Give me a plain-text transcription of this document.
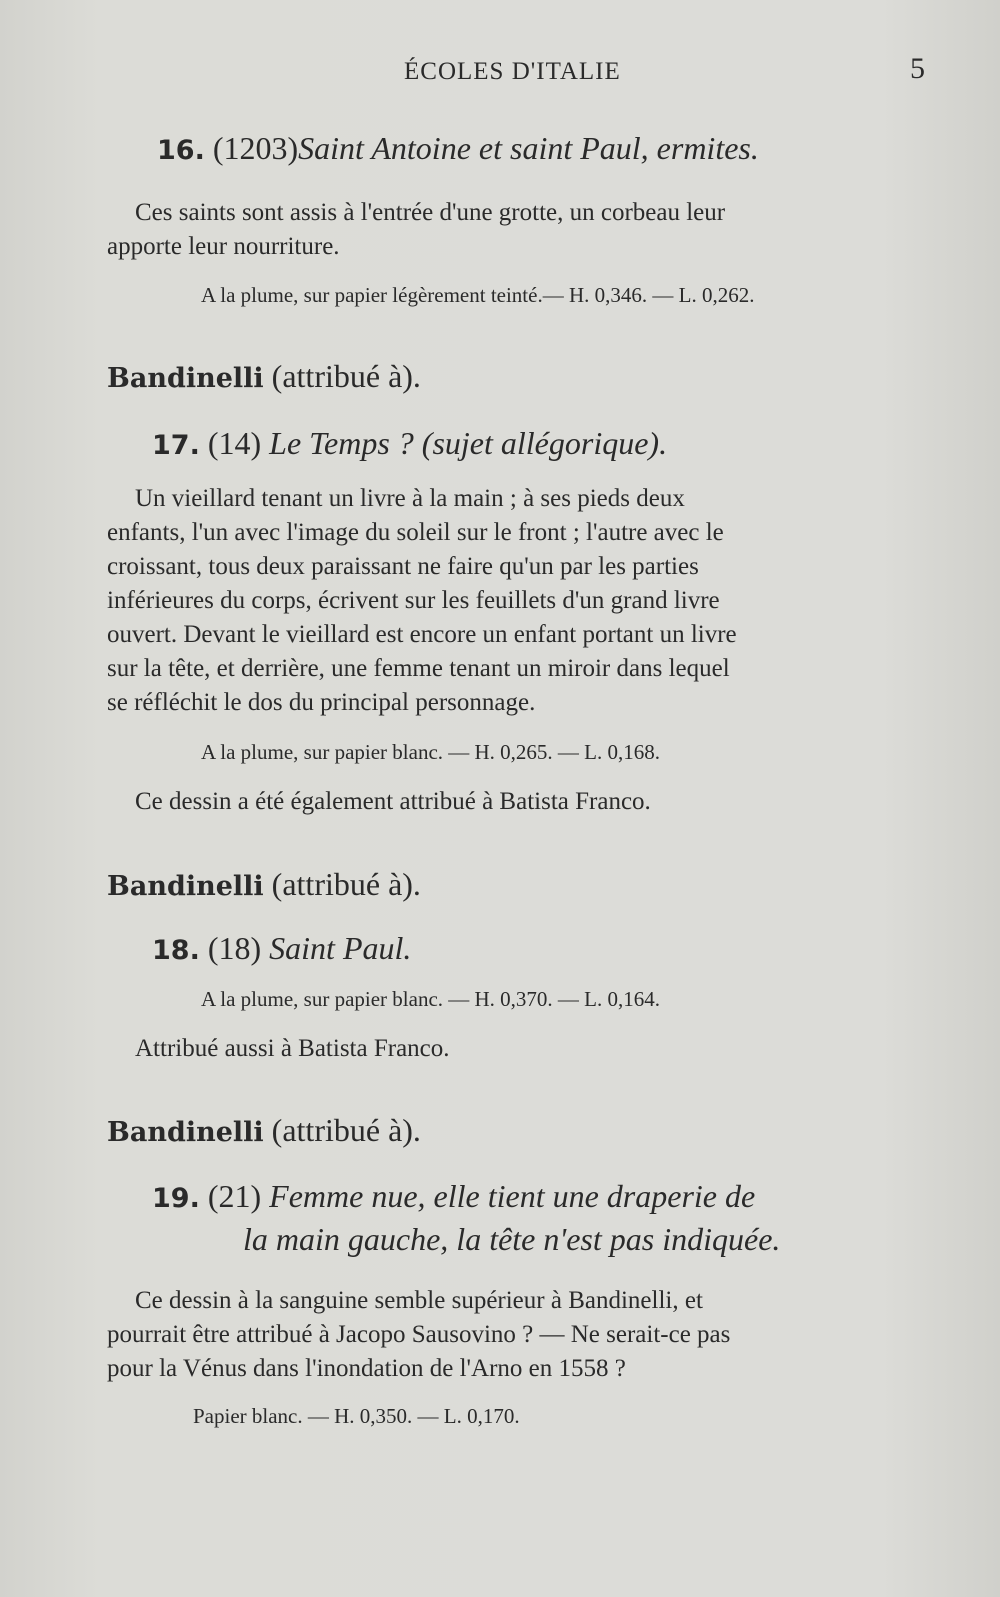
ÉCOLES D'ITALIE	5
16. (1203)Saint Antoine et saint Paul, ermites.
Ces saints sont assis à l'entrée d'une grotte, un corbeau leur
apporte leur nourriture.
A la plume, sur papier légèrement teinté.— H. 0,346. — L. 0,262.
Bandinelli (attribué à).
17. (14) Le Temps ? (sujet allégorique).
Un vieillard tenant un livre à la main ; à ses pieds deux
enfants, l'un avec l'image du soleil sur le front ; l'autre avec le
croissant, tous deux paraissant ne faire qu'un par les parties
inférieures du corps, écrivent sur les feuillets d'un grand livre
ouvert. Devant le vieillard est encore un enfant portant un livre
sur la tête, et derrière, une femme tenant un miroir dans lequel
se réfléchit le dos du principal personnage.
A la plume, sur papier blanc. — H. 0,265. — L. 0,168.
Ce dessin a été également attribué à Batista Franco.
Bandinelli (attribué à).
18. (18) Saint Paul.
A la plume, sur papier blanc. — H. 0,370. — L. 0,164.
Attribué aussi à Batista Franco.
Bandinelli (attribué à).
19. (21) Femme nue, elle tient une draperie de
la main gauche, la tête n'est pas indiquée.
Ce dessin à la sanguine semble supérieur à Bandinelli, et
pourrait être attribué à Jacopo Sausovino ? — Ne serait-ce pas
pour la Vénus dans l'inondation de l'Arno en 1558 ?
Papier blanc. — H. 0,350. — L. 0,170.
